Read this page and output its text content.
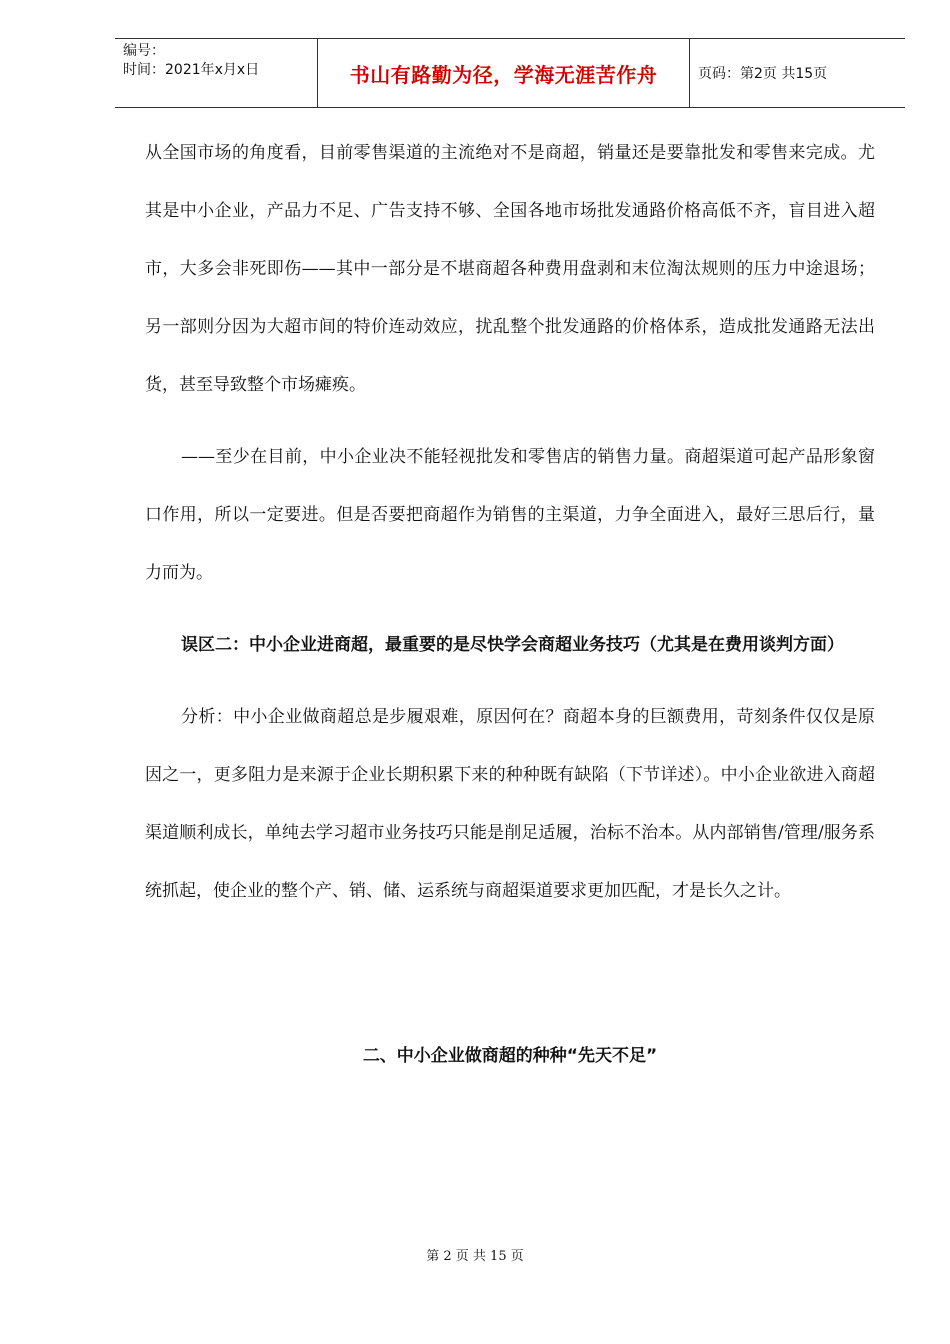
编号：
时间：2021年x月x日	书山有路勤为径，学海无涯苦作舟	页码：第2页 共15页

从全国市场的角度看，目前零售渠道的主流绝对不是商超，销量还是要靠批发和零售来完成。尤其是中小企业，产品力不足、广告支持不够、全国各地市场批发通路价格高低不齐，盲目进入超市，大多会非死即伤——其中一部分是不堪商超各种费用盘剥和末位淘汰规则的压力中途退场；另一部则分因为大超市间的特价连动效应，扰乱整个批发通路的价格体系，造成批发通路无法出货，甚至导致整个市场瘫痪。

——至少在目前，中小企业决不能轻视批发和零售店的销售力量。商超渠道可起产品形象窗口作用，所以一定要进。但是否要把商超作为销售的主渠道，力争全面进入，最好三思后行，量力而为。

误区二：中小企业进商超，最重要的是尽快学会商超业务技巧（尤其是在费用谈判方面）

分析：中小企业做商超总是步履艰难，原因何在？商超本身的巨额费用，苛刻条件仅仅是原因之一，更多阻力是来源于企业长期积累下来的种种既有缺陷（下节详述）。中小企业欲进入商超渠道顺利成长，单纯去学习超市业务技巧只能是削足适履，治标不治本。从内部销售/管理/服务系统抓起，使企业的整个产、销、储、运系统与商超渠道要求更加匹配，才是长久之计。

二、中小企业做商超的种种“先天不足”

第 2 页 共 15 页
